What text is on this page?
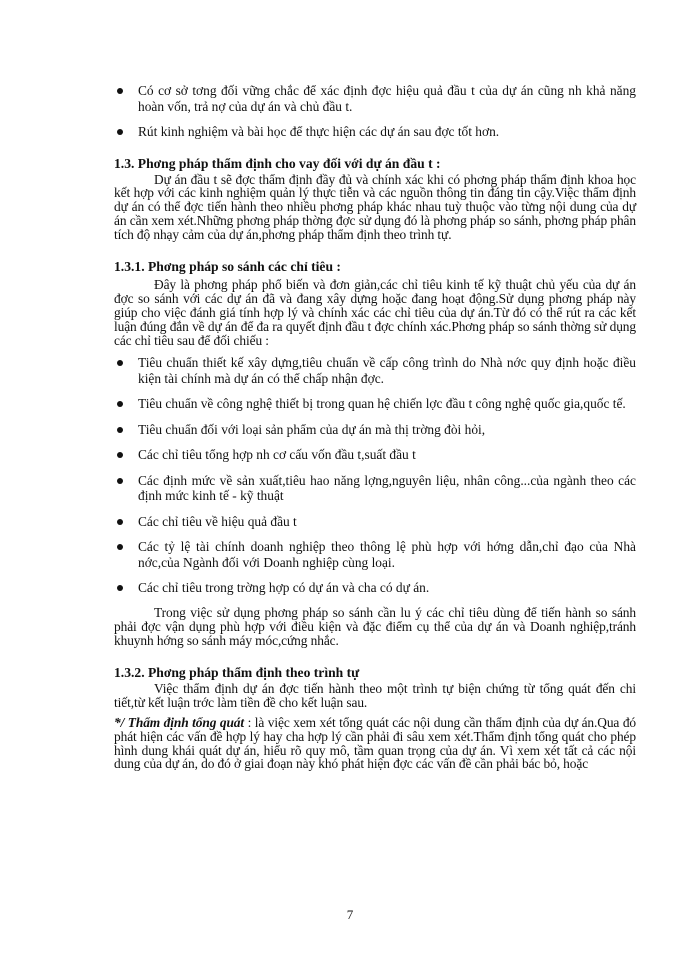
Có cơ sở tơng đối vững chắc để xác định đợc hiệu quả đầu t của dự án cũng nh khả năng hoàn vốn, trả nợ của dự án và chủ đầu t.
Rút kinh nghiệm và bài học để thực hiện các dự án sau đợc tốt hơn.
1.3. Phơng pháp thẩm định cho vay đối với dự án đầu t :

Dự án đầu t sẽ đợc thẩm định đầy đủ và chính xác khi có phơng pháp thẩm định khoa học kết hợp với các kinh nghiệm quản lý thực tiễn và các nguồn thông tin đáng tin cậy.Việc thẩm định dự án có thể đợc tiến hành theo nhiều phơng pháp khác nhau tuỳ thuộc vào từng nội dung của dự án cần xem xét.Những phơng pháp thờng đợc sử dụng đó là phơng pháp so sánh, phơng pháp phân tích độ nhạy cảm của dự án,phơng pháp thẩm định theo trình tự.

1.3.1. Phơng pháp so sánh các chỉ tiêu :

Đây là phơng pháp phổ biến và đơn giản,các chỉ tiêu kinh tế kỹ thuật chủ yếu của dự án đợc so sánh với các dự án đã và đang xây dựng hoặc đang hoạt động.Sử dụng phơng pháp này giúp cho việc đánh giá tính hợp lý và chính xác các chỉ tiêu của dự án.Từ đó có thể rút ra các kết luận đúng đắn về dự án để đa ra quyết định đầu t đợc chính xác.Phơng pháp so sánh thờng sử dụng các chỉ tiêu sau để đối chiếu :

Tiêu chuẩn thiết kế xây dựng,tiêu chuẩn về cấp công trình do Nhà nớc quy định hoặc điều kiện tài chính mà dự án có thể chấp nhận đợc.
Tiêu chuẩn về công nghệ thiết bị trong quan hệ chiến lợc đầu t công nghệ quốc gia,quốc tế.
Tiêu chuẩn đối với loại sản phẩm của dự án mà thị trờng đòi hỏi,
Các chỉ tiêu tổng hợp nh cơ cấu vốn đầu t,suất đầu t
Các định mức về sản xuất,tiêu hao năng lợng,nguyên liệu, nhân công...của ngành theo các định mức kinh tế - kỹ thuật
Các chỉ tiêu về hiệu quả đầu t
Các tỷ lệ tài chính doanh nghiệp theo thông lệ phù hợp với hớng dẫn,chỉ đạo của Nhà nớc,của Ngành đối với Doanh nghiệp cùng loại.
Các chỉ tiêu trong trờng hợp có dự án và cha có dự án.

Trong việc sử dụng phơng pháp so sánh cần lu ý các chỉ tiêu dùng để tiến hành so sánh phải đợc vận dụng phù hợp với điều kiện và đặc điểm cụ thể của dự án và Doanh nghiệp,tránh khuynh hớng so sánh máy móc,cứng nhắc.

1.3.2. Phơng pháp thẩm định theo trình tự

Việc thẩm định dự án đợc tiến hành theo một trình tự biện chứng từ tổng quát đến chi tiết,từ kết luận trớc làm tiền đề cho kết luận sau.

*/ Thẩm định tổng quát : là việc xem xét tổng quát các nội dung cần thẩm định của dự án.Qua đó phát hiện các vấn đề hợp lý hay cha hợp lý cần phải đi sâu xem xét.Thẩm định tổng quát cho phép hình dung khái quát dự án, hiểu rõ quy mô, tầm quan trọng của dự án. Vì xem xét tất cả các nội dung của dự án, do đó ở giai đoạn này khó phát hiện đợc các vấn đề cần phải bác bỏ, hoặc

7
